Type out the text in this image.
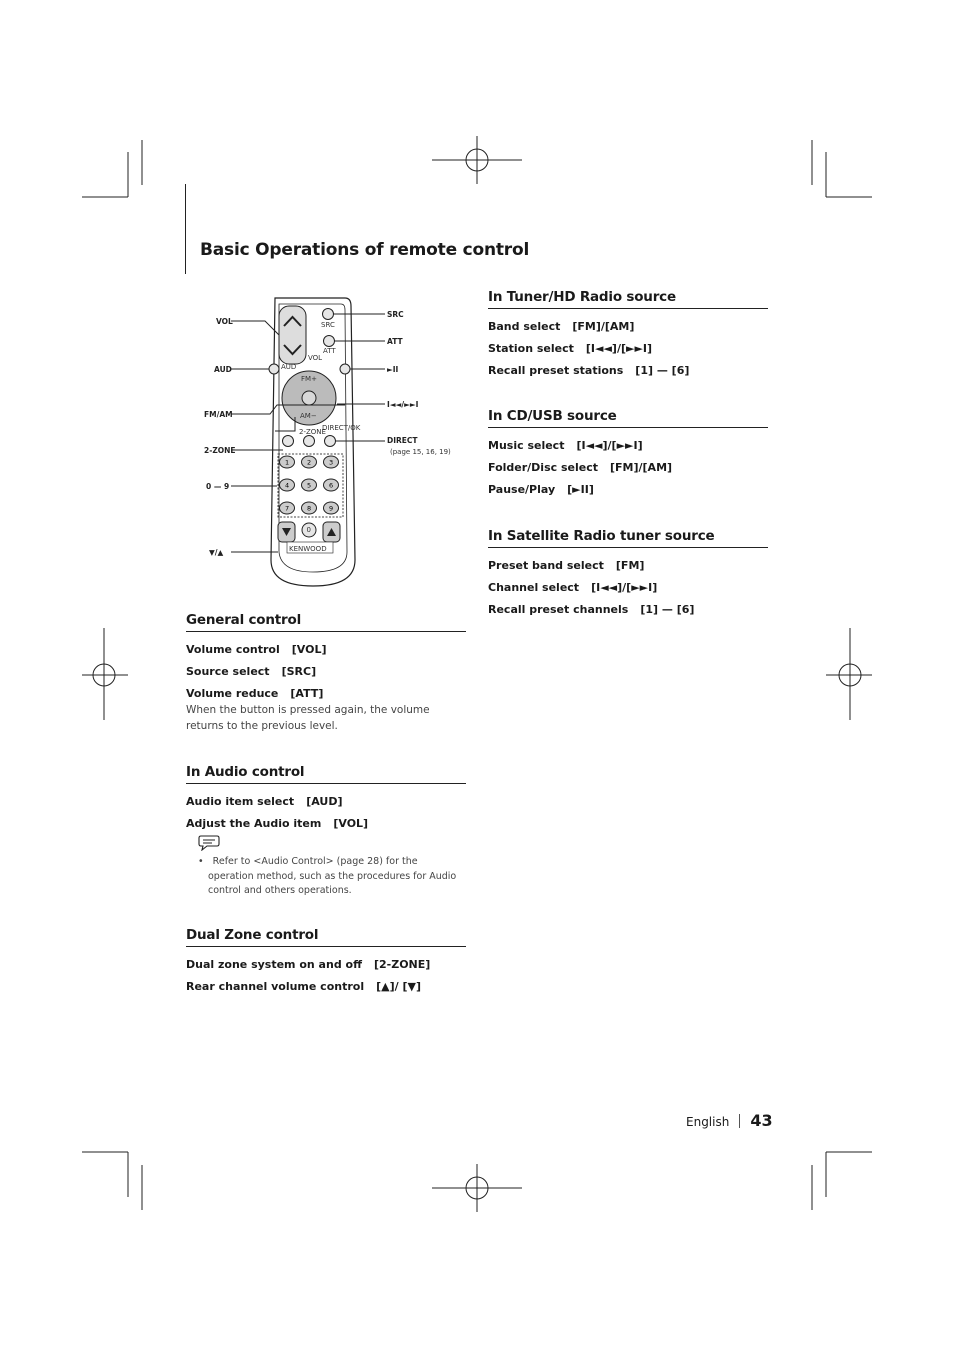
Basic Operations of remote control
VOL
SRC
ATT
AUD
FM+
AM−
2-ZONE
DIRECT/OK
1	2	3
4	5	6
7	8	9
0
KENWOOD
VOL
AUD
FM/AM
2-ZONE
0 — 9
▼/▲
SRC
ATT
►II
I◄◄/►►I
DIRECT
(page 15, 16, 19)
General control
Volume control [VOL]
Source select [SRC]
Volume reduce [ATT]
When the button is pressed again, the volume returns to the previous level.
In Audio control
Audio item select [AUD]
Adjust the Audio item [VOL]
•   Refer to <Audio Control> (page 28) for the operation method, such as the procedures for Audio control and others operations.
Dual Zone control
Dual zone system on and off [2-ZONE]
Rear channel volume control [▲]/ [▼]
In Tuner/HD Radio source
Band select [FM]/[AM]
Station select [I◄◄]/[►►I]
Recall preset stations [1] — [6]
In CD/USB source
Music select [I◄◄]/[►►I]
Folder/Disc select [FM]/[AM]
Pause/Play [►II]
In Satellite Radio tuner source
Preset band select [FM]
Channel select [I◄◄]/[►►I]
Recall preset channels [1] — [6]
English 43
